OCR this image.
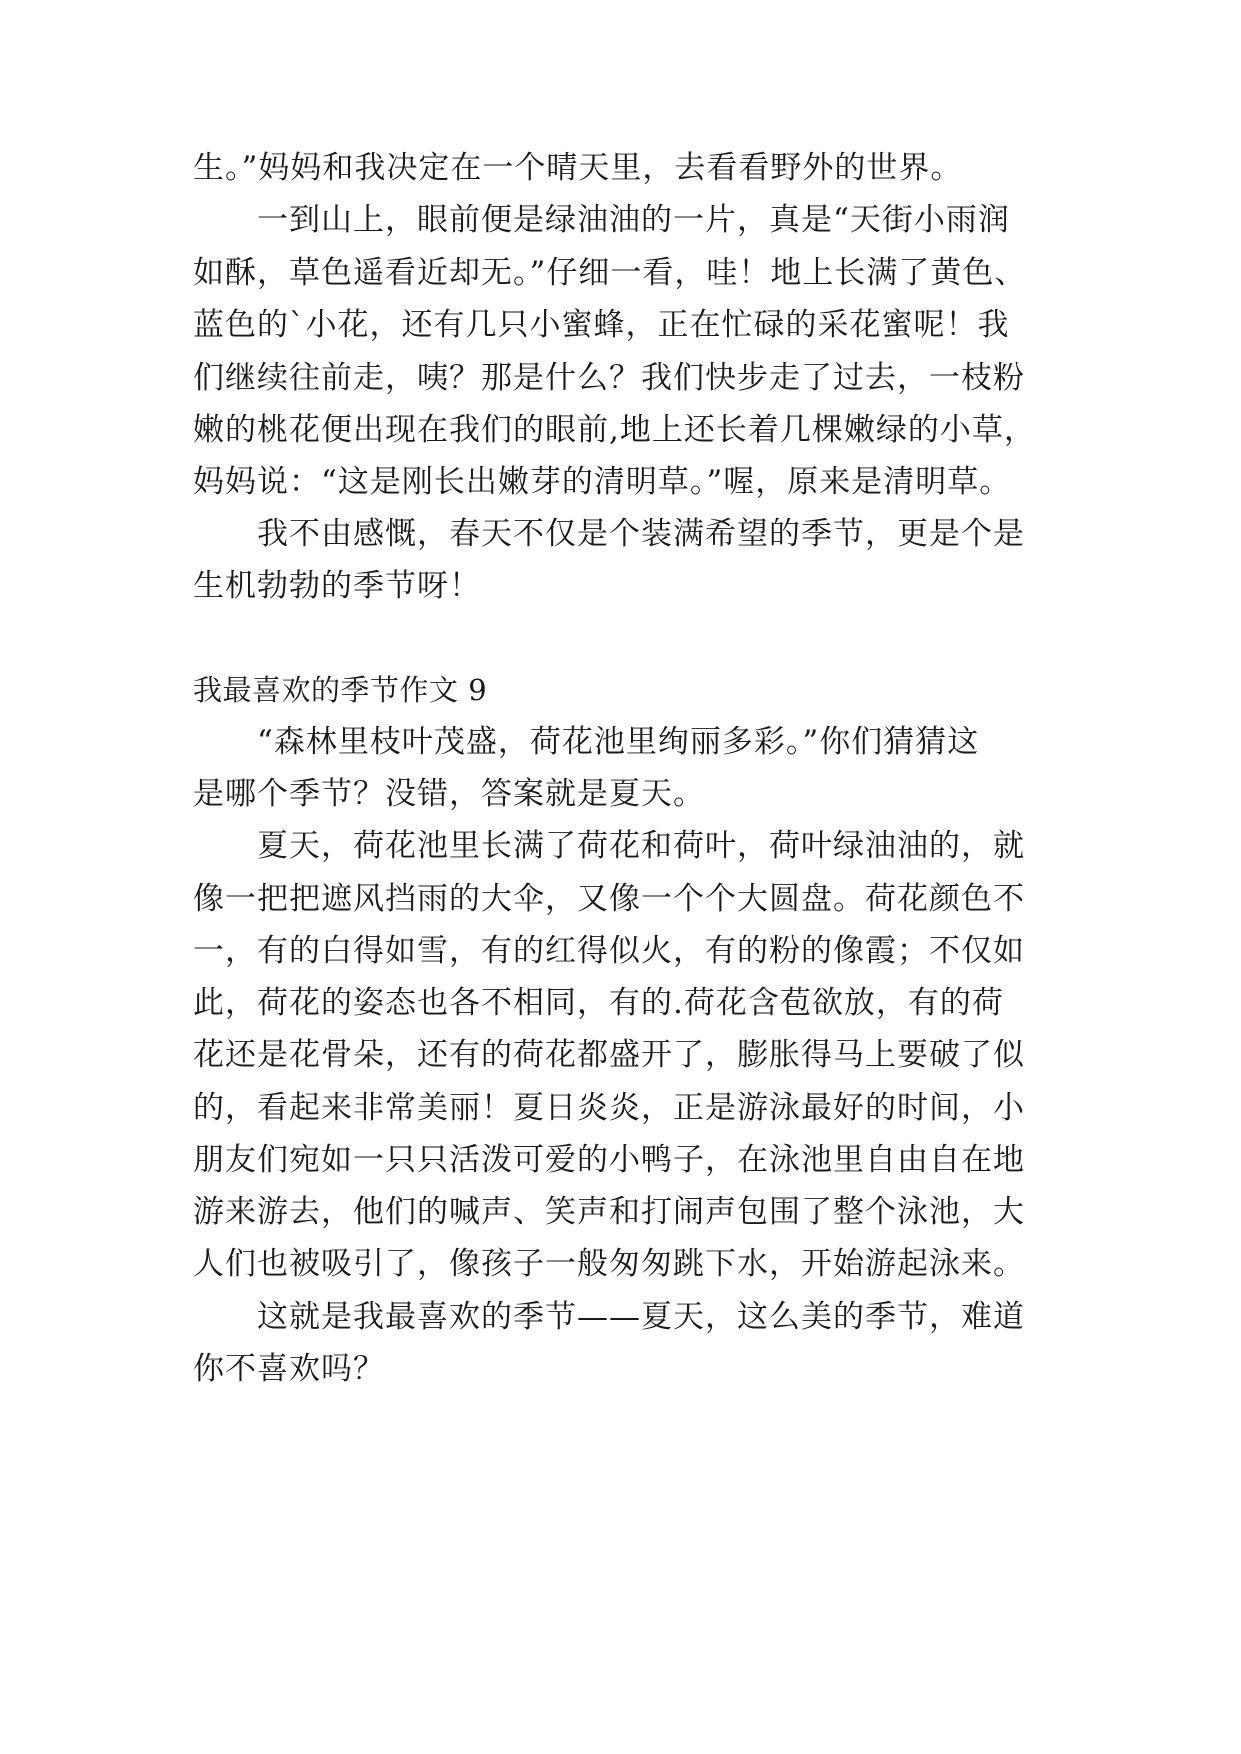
生。”妈妈和我决定在一个晴天里，去看看野外的世界。
一到山上，眼前便是绿油油的一片，真是“天街小雨润
如酥，草色遥看近却无。”仔细一看，哇！地上长满了黄色、
蓝色的`小花，还有几只小蜜蜂，正在忙碌的采花蜜呢！我
们继续往前走，咦？那是什么？我们快步走了过去，一枝粉
嫩的桃花便出现在我们的眼前,地上还长着几棵嫩绿的小草，
妈妈说：“这是刚长出嫩芽的清明草。”喔，原来是清明草。
我不由感慨，春天不仅是个装满希望的季节，更是个是
生机勃勃的季节呀！
我最喜欢的季节作文 9
“森林里枝叶茂盛，荷花池里绚丽多彩。”你们猜猜这
是哪个季节？没错，答案就是夏天。
夏天，荷花池里长满了荷花和荷叶，荷叶绿油油的，就
像一把把遮风挡雨的大伞，又像一个个大圆盘。荷花颜色不
一，有的白得如雪，有的红得似火，有的粉的像霞；不仅如
此，荷花的姿态也各不相同，有的.荷花含苞欲放，有的荷
花还是花骨朵，还有的荷花都盛开了，膨胀得马上要破了似
的，看起来非常美丽！夏日炎炎，正是游泳最好的时间，小
朋友们宛如一只只活泼可爱的小鸭子，在泳池里自由自在地
游来游去，他们的喊声、笑声和打闹声包围了整个泳池，大
人们也被吸引了，像孩子一般匆匆跳下水，开始游起泳来。
这就是我最喜欢的季节——夏天，这么美的季节，难道
你不喜欢吗？
